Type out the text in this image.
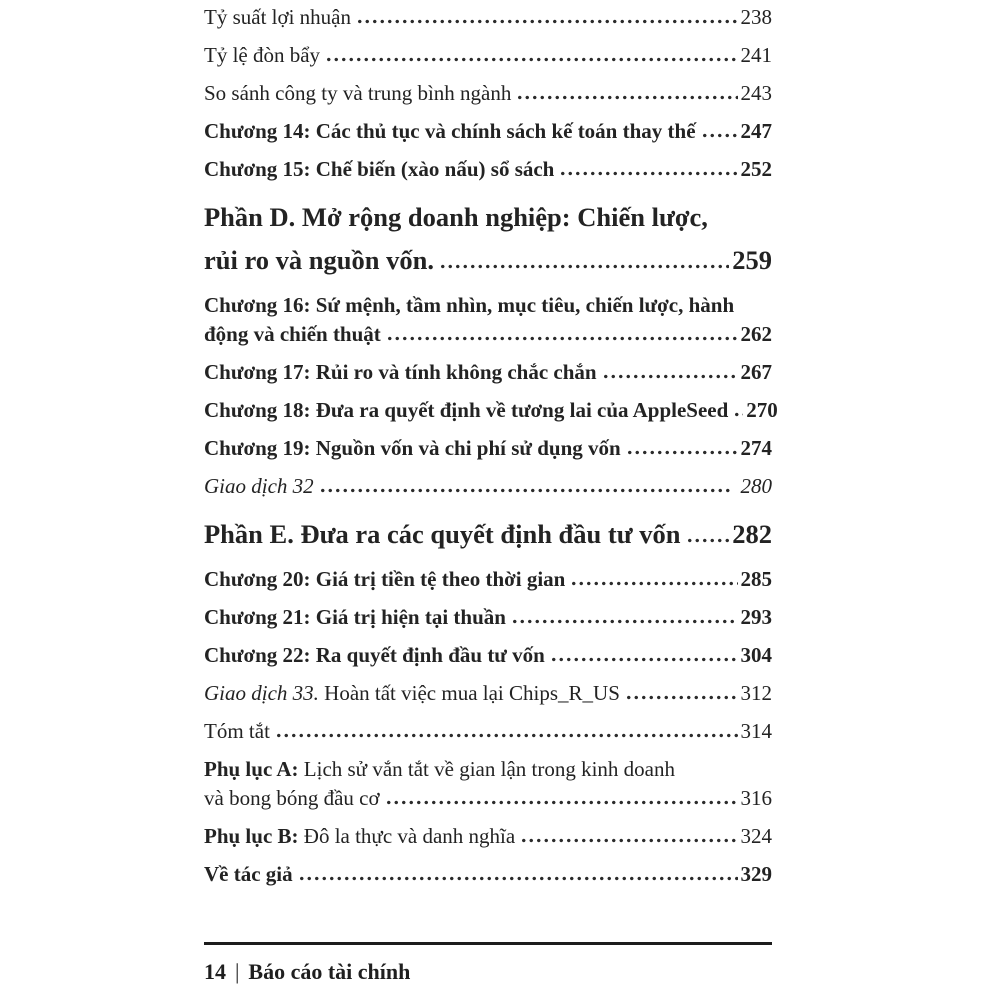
Tỷ suất lợi nhuận	238
Tỷ lệ đòn bẩy	241
So sánh công ty và trung bình ngành	243
Chương 14: Các thủ tục và chính sách kế toán thay thế 247
Chương 15: Chế biến (xào nấu) sổ sách	252
Phần D. Mở rộng doanh nghiệp: Chiến lược,
rủi ro và nguồn vốn.	259
Chương 16: Sứ mệnh, tầm nhìn, mục tiêu, chiến lược, hành
động và chiến thuật	262
Chương 17: Rủi ro và tính không chắc chắn	267
Chương 18: Đưa ra quyết định về tương lai của AppleSeed 270
Chương 19: Nguồn vốn và chi phí sử dụng vốn	274
Giao dịch 32	280
Phần E. Đưa ra các quyết định đầu tư vốn 282
Chương 20: Giá trị tiền tệ theo thời gian	285
Chương 21: Giá trị hiện tại thuần	293
Chương 22: Ra quyết định đầu tư vốn	304
Giao dịch 33. Hoàn tất việc mua lại Chips_R_US	312
Tóm tắt	314
Phụ lục A: Lịch sử vắn tắt về gian lận trong kinh doanh
và bong bóng đầu cơ	316
Phụ lục B: Đô la thực và danh nghĩa	324
Về tác giả	329
14 | Báo cáo tài chính
